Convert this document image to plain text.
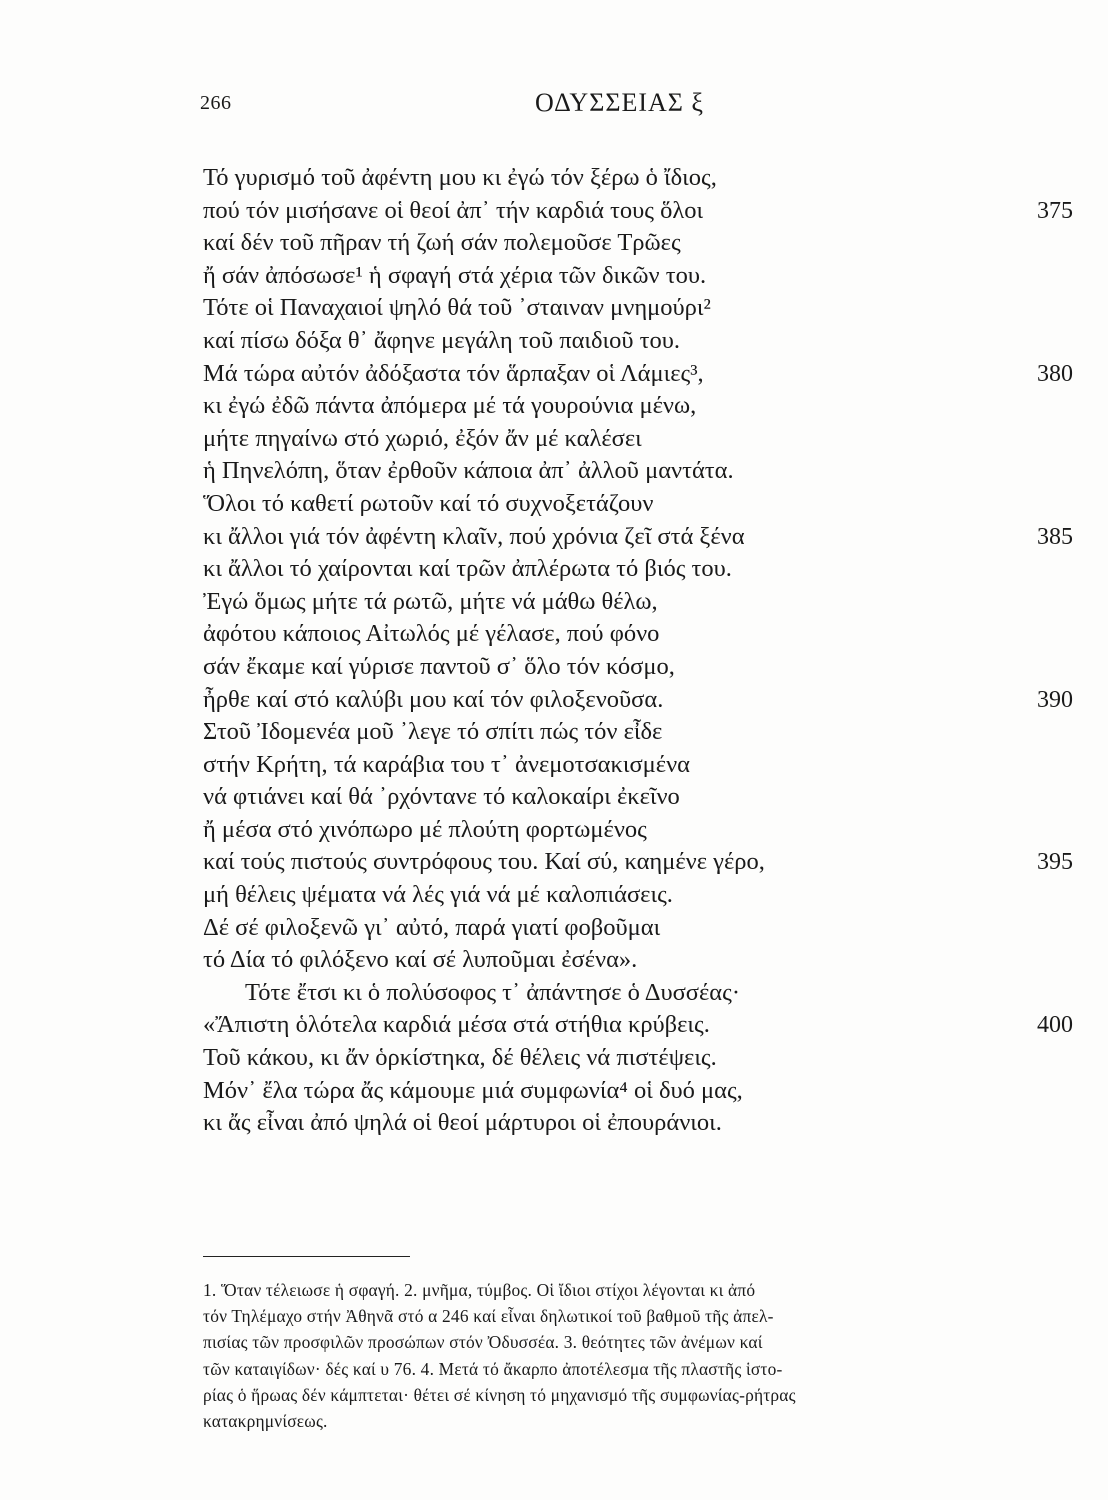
266	ΟΔΥΣΣΕΙΑΣ ξ
Τό γυρισμό τοῦ ἀφέντη μου κι ἐγώ τόν ξέρω ὁ ἴδιος,
πού τόν μισήσανε οἱ θεοί ἀπ᾿ τήν καρδιά τους ὅλοι	375
καί δέν τοῦ πῆραν τή ζωή σάν πολεμοῦσε Τρῶες
ἤ σάν ἀπόσωσε¹ ἡ σφαγή στά χέρια τῶν δικῶν του.
Τότε οἱ Παναχαιοί ψηλό θά τοῦ ᾽σταιναν μνημούρι²
καί πίσω δόξα θ᾿ ἄφηνε μεγάλη τοῦ παιδιοῦ του.
Μά τώρα αὐτόν ἀδόξαστα τόν ἅρπαξαν οἱ Λάμιες³,	380
κι ἐγώ ἐδῶ πάντα ἀπόμερα μέ τά γουρούνια μένω,
μήτε πηγαίνω στό χωριό, ἐξόν ἄν μέ καλέσει
ἡ Πηνελόπη, ὅταν ἐρθοῦν κάποια ἀπ᾿ ἀλλοῦ μαντάτα.
Ὅλοι τό καθετί ρωτοῦν καί τό συχνοξετάζουν
κι ἄλλοι γιά τόν ἀφέντη κλαῖν, πού χρόνια ζεῖ στά ξένα	385
κι ἄλλοι τό χαίρονται καί τρῶν ἀπλέρωτα τό βιός του.
Ἐγώ ὅμως μήτε τά ρωτῶ, μήτε νά μάθω θέλω,
ἀφότου κάποιος Αἰτωλός μέ γέλασε, πού φόνο
σάν ἔκαμε καί γύρισε παντοῦ σ᾿ ὅλο τόν κόσμο,
ἦρθε καί στό καλύβι μου καί τόν φιλοξενοῦσα.	390
Στοῦ Ἰδομενέα μοῦ ᾽λεγε τό σπίτι πώς τόν εἶδε
στήν Κρήτη, τά καράβια του τ᾿ ἀνεμοτσακισμένα
νά φτιάνει καί θά ᾽ρχόντανε τό καλοκαίρι ἐκεῖνο
ἤ μέσα στό χινόπωρο μέ πλούτη φορτωμένος
καί τούς πιστούς συντρόφους του. Καί σύ, καημένε γέρο,	395
μή θέλεις ψέματα νά λές γιά νά μέ καλοπιάσεις.
Δέ σέ φιλοξενῶ γι᾿ αὐτό, παρά γιατί φοβοῦμαι
τό Δία τό φιλόξενο καί σέ λυποῦμαι ἐσένα».
Τότε ἔτσι κι ὁ πολύσοφος τ᾿ ἀπάντησε ὁ Δυσσέας·
«Ἄπιστη ὁλότελα καρδιά μέσα στά στήθια κρύβεις.	400
Τοῦ κάκου, κι ἄν ὁρκίστηκα, δέ θέλεις νά πιστέψεις.
Μόν᾿ ἔλα τώρα ἄς κάμουμε μιά συμφωνία⁴ οἱ δυό μας,
κι ἄς εἶναι ἀπό ψηλά οἱ θεοί μάρτυροι οἱ ἐπουράνιοι.
1. Ὅταν τέλειωσε ἡ σφαγή. 2. μνῆμα, τύμβος. Οἱ ἴδιοι στίχοι λέγονται κι ἀπό
τόν Τηλέμαχο στήν Ἀθηνᾶ στό α 246 καί εἶναι δηλωτικοί τοῦ βαθμοῦ τῆς ἀπελ-
πισίας τῶν προσφιλῶν προσώπων στόν Ὀδυσσέα. 3. θεότητες τῶν ἀνέμων καί
τῶν καταιγίδων· δές καί υ 76. 4. Μετά τό ἄκαρπο ἀποτέλεσμα τῆς πλαστῆς ἱστο-
ρίας ὁ ἥρωας δέν κάμπτεται· θέτει σέ κίνηση τό μηχανισμό τῆς συμφωνίας-ρήτρας
κατακρημνίσεως.
